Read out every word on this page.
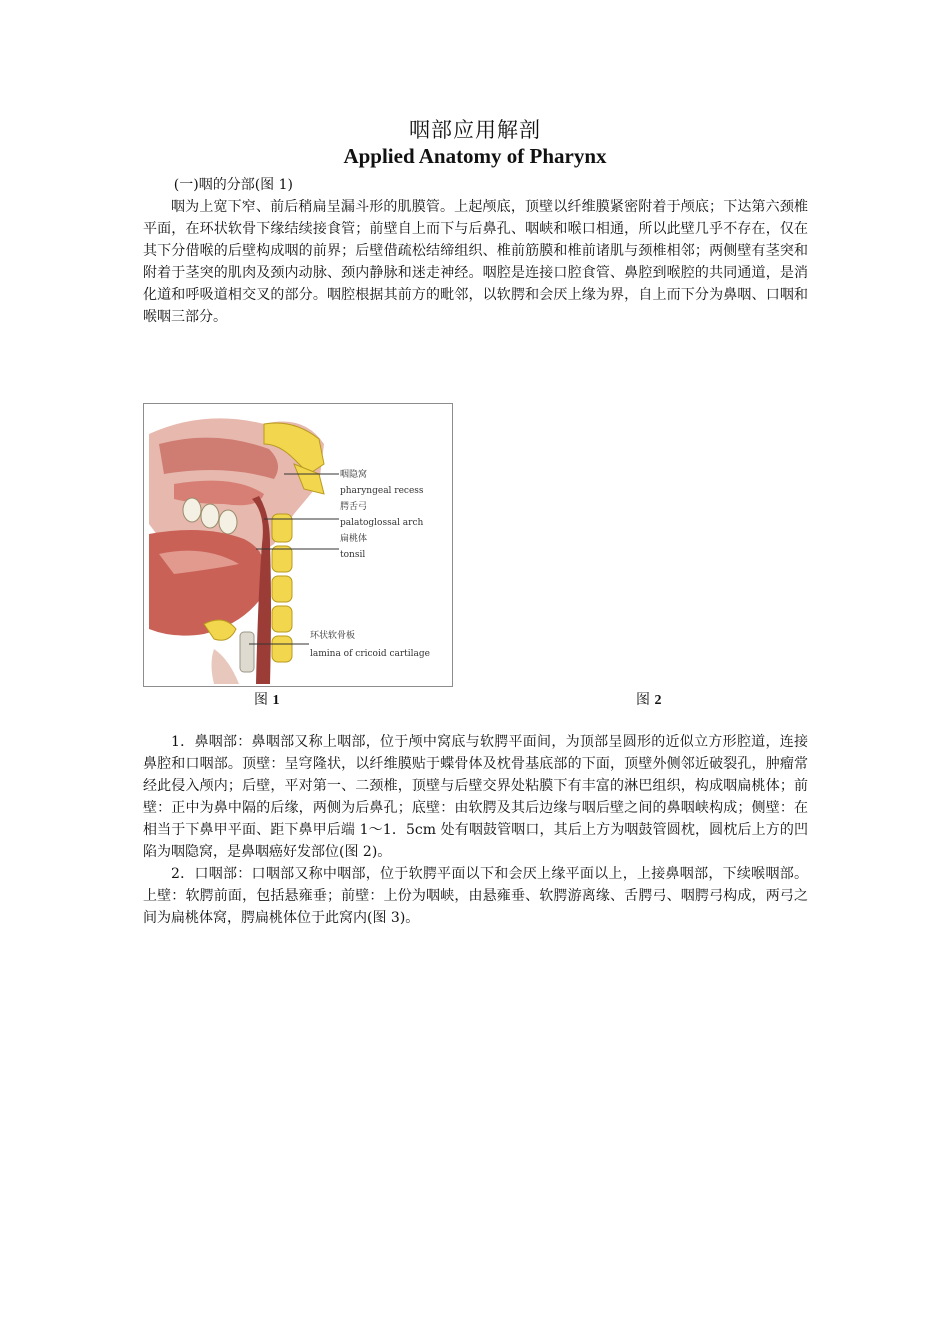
咽部应用解剖
Applied Anatomy of Pharynx

(一)咽的分部(图 1)

咽为上宽下窄、前后稍扁呈漏斗形的肌膜管。上起颅底，顶壁以纤维膜紧密附着于颅底；下达第六颈椎平面，在环状软骨下缘结续接食管；前壁自上而下与后鼻孔、咽峡和喉口相通，所以此壁几乎不存在，仅在其下分借喉的后壁构成咽的前界；后壁借疏松结缔组织、椎前筋膜和椎前诸肌与颈椎相邻；两侧壁有茎突和附着于茎突的肌肉及颈内动脉、颈内静脉和迷走神经。咽腔是连接口腔食管、鼻腔到喉腔的共同通道，是消化道和呼吸道相交叉的部分。咽腔根据其前方的毗邻，以软腭和会厌上缘为界，自上而下分为鼻咽、口咽和喉咽三部分。

咽隐窝
pharyngeal recess
腭舌弓
palatoglossal arch
扁桃体
tonsil
环状软骨板
lamina of cricoid cartilage
图 1	图 2

1．鼻咽部：鼻咽部又称上咽部，位于颅中窝底与软腭平面间，为顶部呈圆形的近似立方形腔道，连接鼻腔和口咽部。顶壁：呈穹隆状，以纤维膜贴于蝶骨体及枕骨基底部的下面，顶壁外侧邻近破裂孔，肿瘤常经此侵入颅内；后壁，平对第一、二颈椎，顶壁与后壁交界处粘膜下有丰富的淋巴组织，构成咽扁桃体；前壁：正中为鼻中隔的后缘，两侧为后鼻孔；底壁：由软腭及其后边缘与咽后壁之间的鼻咽峡构成；侧壁：在相当于下鼻甲平面、距下鼻甲后端 1～1．5cm 处有咽鼓管咽口，其后上方为咽鼓管圆枕，圆枕后上方的凹陷为咽隐窝，是鼻咽癌好发部位(图 2)。

2．口咽部：口咽部又称中咽部，位于软腭平面以下和会厌上缘平面以上，上接鼻咽部，下续喉咽部。上壁：软腭前面，包括悬雍垂；前壁：上份为咽峡，由悬雍垂、软腭游离缘、舌腭弓、咽腭弓构成，两弓之间为扁桃体窝，腭扁桃体位于此窝内(图 3)。
